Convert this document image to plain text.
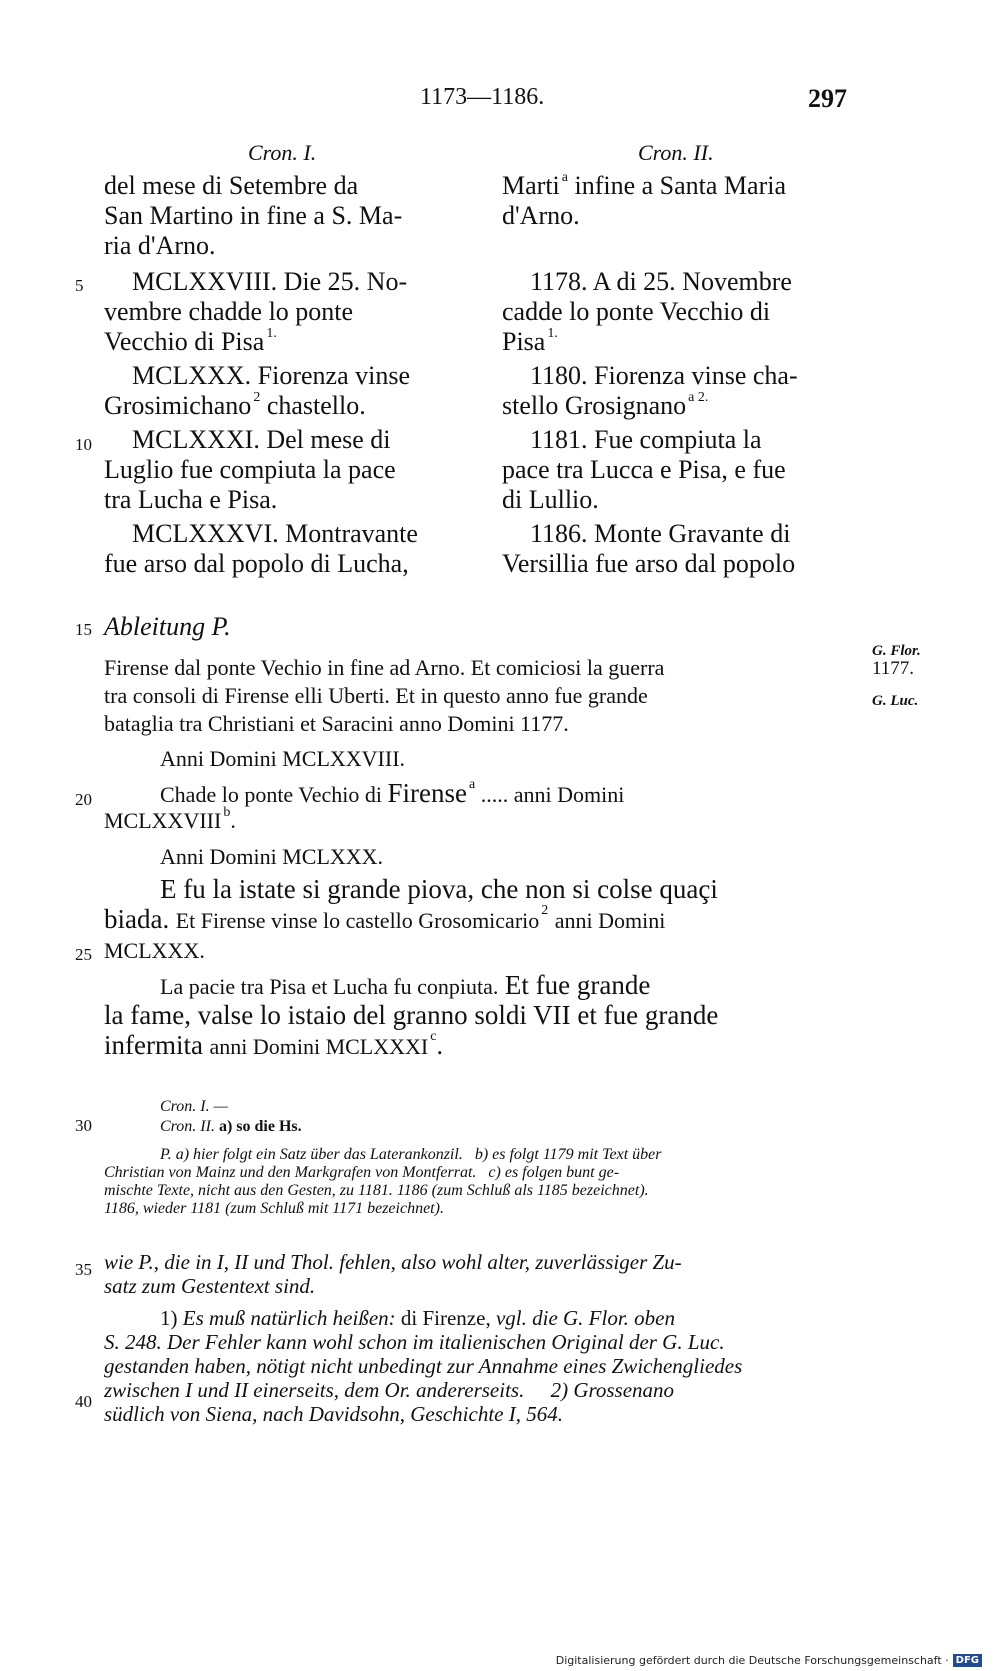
1173—1186.	297
Cron. I.	Cron. II.
del mese di Setembre da
San Martino in fine a S. Ma-
ria d'Arno.
MCLXXVIII. Die 25. No-
vembre chadde lo ponte
Vecchio di Pisa $^{1.}$
MCLXXX. Fiorenza vinse
Grosimichano $^2$ chastello.
MCLXXXI. Del mese di
Luglio fue compiuta la pace
tra Lucha e Pisa.
MCLXXXVI. Montravante
fue arso dal popolo di Lucha,
Marti $^a$ infine a Santa Maria
d'Arno.
1178. A di 25. Novembre
cadde lo ponte Vecchio di
Pisa $^{1.}$
1180. Fiorenza vinse cha-
stello Grosignano $^{a 2.}$
1181. Fue compiuta la
pace tra Lucca e Pisa, e fue
di Lullio.
1186. Monte Gravante di
Versillia fue arso dal popolo
5
10
15
20
25
30
35
40
Ableitung P.
G. Flor.
1177.
G. Luc.
Firense dal ponte Vechio in fine ad Arno. Et comiciosi la guerra
tra consoli di Firense elli Uberti. Et in questo anno fue grande
bataglia tra Christiani et Saracini anno Domini 1177.
Anni Domini MCLXXVIII.
Chade lo ponte Vechio di Firense $^a$ ..... anni Domini
MCLXXVIII $^b$.
Anni Domini MCLXXX.
E fu la istate si grande piova, che non si colse quaçi
biada. Et Firense vinse lo castello Grosomicario $^2$ anni Domini
MCLXXX.
La pacie tra Pisa et Lucha fu conpiuta. Et fue grande
la fame, valse lo istaio del granno soldi VII et fue grande
infermita anni Domini MCLXXXI $^c$.
Cron. I. —
Cron. II. a) so die Hs.
P. a) hier folgt ein Satz über das Laterankonzil. b) es folgt 1179 mit Text über
Christian von Mainz und den Markgrafen von Montferrat. c) es folgen bunt ge-
mischte Texte, nicht aus den Gesten, zu 1181. 1186 (zum Schluß als 1185 bezeichnet).
1186, wieder 1181 (zum Schluß mit 1171 bezeichnet).
wie P., die in I, II und Thol. fehlen, also wohl alter, zuverlässiger Zu-
satz zum Gestentext sind.
1) Es muß natürlich heißen: di Firenze, vgl. die G. Flor. oben
S. 248. Der Fehler kann wohl schon im italienischen Original der G. Luc.
gestanden haben, nötigt nicht unbedingt zur Annahme eines Zwichengliedes
zwischen I und II einerseits, dem Or. andererseits. 2) Grossenano
südlich von Siena, nach Davidsohn, Geschichte I, 564.
Digitalisierung gefördert durch die Deutsche Forschungsgemeinschaft · DFG
